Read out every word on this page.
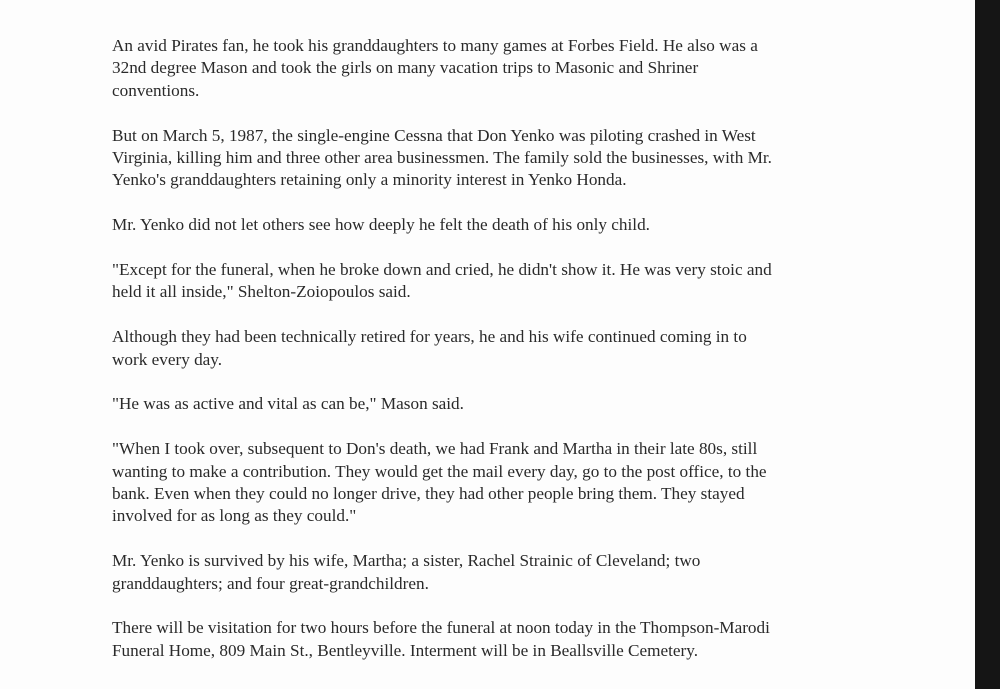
An avid Pirates fan, he took his granddaughters to many games at Forbes Field. He also was a
32nd degree Mason and took the girls on many vacation trips to Masonic and Shriner
conventions.

But on March 5, 1987, the single-engine Cessna that Don Yenko was piloting crashed in West
Virginia, killing him and three other area businessmen. The family sold the businesses, with Mr.
Yenko's granddaughters retaining only a minority interest in Yenko Honda.

Mr. Yenko did not let others see how deeply he felt the death of his only child.

"Except for the funeral, when he broke down and cried, he didn't show it. He was very stoic and
held it all inside," Shelton-Zoiopoulos said.

Although they had been technically retired for years, he and his wife continued coming in to
work every day.

"He was as active and vital as can be," Mason said.

"When I took over, subsequent to Don's death, we had Frank and Martha in their late 80s, still
wanting to make a contribution. They would get the mail every day, go to the post office, to the
bank. Even when they could no longer drive, they had other people bring them. They stayed
involved for as long as they could."

Mr. Yenko is survived by his wife, Martha; a sister, Rachel Strainic of Cleveland; two
granddaughters; and four great-grandchildren.

There will be visitation for two hours before the funeral at noon today in the Thompson-Marodi
Funeral Home, 809 Main St., Bentleyville. Interment will be in Beallsville Cemetery.
